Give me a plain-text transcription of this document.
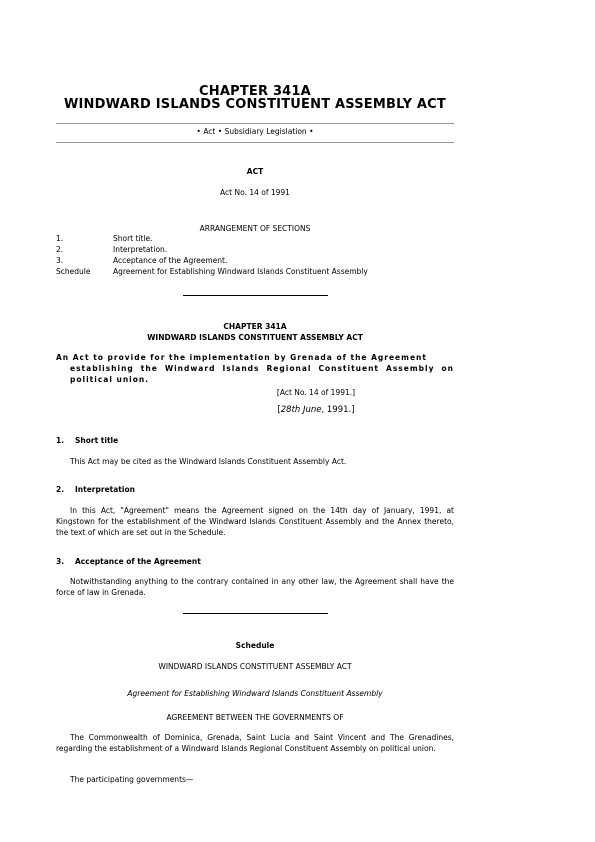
CHAPTER 341A
WINDWARD ISLANDS CONSTITUENT ASSEMBLY ACT
• Act • Subsidiary Legislation •
ACT
Act No. 14 of 1991
ARRANGEMENT OF SECTIONS
1.	Short title.
2.	Interpretation.
3.	Acceptance of the Agreement.
Schedule	Agreement for Establishing Windward Islands Constituent Assembly
CHAPTER 341A
WINDWARD ISLANDS CONSTITUENT ASSEMBLY ACT
An Act to provide for the implementation by Grenada of the Agreement
establishing the Windward Islands Regional Constituent Assembly on political union.
[Act No. 14 of 1991.]
[28th June, 1991.]
1. Short title
This Act may be cited as the Windward Islands Constituent Assembly Act.
2. Interpretation
In this Act, "Agreement" means the Agreement signed on the 14th day of January, 1991, at Kingstown for the establishment of the Windward Islands Constituent Assembly and the Annex thereto, the text of which are set out in the Schedule.
3. Acceptance of the Agreement
Notwithstanding anything to the contrary contained in any other law, the Agreement shall have the force of law in Grenada.
Schedule
WINDWARD ISLANDS CONSTITUENT ASSEMBLY ACT
Agreement for Establishing Windward Islands Constituent Assembly
AGREEMENT BETWEEN THE GOVERNMENTS OF
The Commonwealth of Dominica, Grenada, Saint Lucia and Saint Vincent and The Grenadines, regarding the establishment of a Windward Islands Regional Constituent Assembly on political union.
The participating governments—
